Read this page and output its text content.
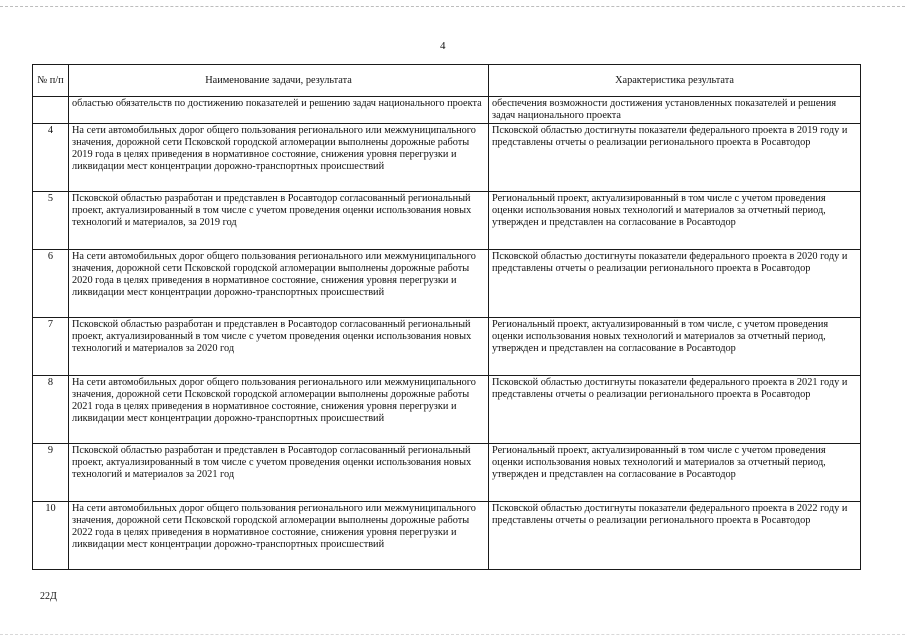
4
№ п/п	Наименование задачи, результата	Характеристика результата
	областью обязательств по достижению показателей и решению задач национального проекта	обеспечения возможности достижения установленных показателей и решения задач национального проекта
4	На сети автомобильных дорог общего пользования регионального или межмуниципального значения, дорожной сети Псковской городской агломерации выполнены дорожные работы 2019 года в целях приведения в нормативное состояние, снижения уровня перегрузки и ликвидации мест концентрации дорожно-транспортных происшествий	Псковской областью достигнуты показатели федерального проекта в 2019 году и представлены отчеты о реализации регионального проекта в Росавтодор
5	Псковской областью разработан и представлен в Росавтодор согласованный региональный проект, актуализированный в том числе с учетом проведения оценки использования новых технологий и материалов, за 2019 год	Региональный проект, актуализированный в том числе с учетом проведения оценки использования новых технологий и материалов за отчетный период, утвержден и представлен на согласование в Росавтодор
6	На сети автомобильных дорог общего пользования регионального или межмуниципального значения, дорожной сети Псковской городской агломерации выполнены дорожные работы 2020 года в целях приведения в нормативное состояние, снижения уровня перегрузки и ликвидации мест концентрации дорожно-транспортных происшествий	Псковской областью достигнуты показатели федерального проекта в 2020 году и представлены отчеты о реализации регионального проекта в Росавтодор
7	Псковской областью разработан и представлен в Росавтодор согласованный региональный проект, актуализированный в том числе с учетом проведения оценки использования новых технологий и материалов за 2020 год	Региональный проект, актуализированный в том числе, с учетом проведения оценки использования новых технологий и материалов за отчетный период, утвержден и представлен на согласование в Росавтодор
8	На сети автомобильных дорог общего пользования регионального или межмуниципального значения, дорожной сети Псковской городской агломерации выполнены дорожные работы 2021 года в целях приведения в нормативное состояние, снижения уровня перегрузки и ликвидации мест концентрации дорожно-транспортных происшествий	Псковской областью достигнуты показатели федерального проекта в 2021 году и представлены отчеты о реализации регионального проекта в Росавтодор
9	Псковской областью разработан и представлен в Росавтодор согласованный региональный проект, актуализированный в том числе с учетом проведения оценки использования новых технологий и материалов за 2021 год	Региональный проект, актуализированный в том числе с учетом проведения оценки использования новых технологий и материалов за отчетный период, утвержден и представлен на согласование в Росавтодор
10	На сети автомобильных дорог общего пользования регионального или межмуниципального значения, дорожной сети Псковской городской агломерации выполнены дорожные работы 2022 года в целях приведения в нормативное состояние, снижения уровня перегрузки и ликвидации мест концентрации дорожно-транспортных происшествий	Псковской областью достигнуты показатели федерального проекта в 2022 году и представлены отчеты о реализации регионального проекта в Росавтодор
22Д
